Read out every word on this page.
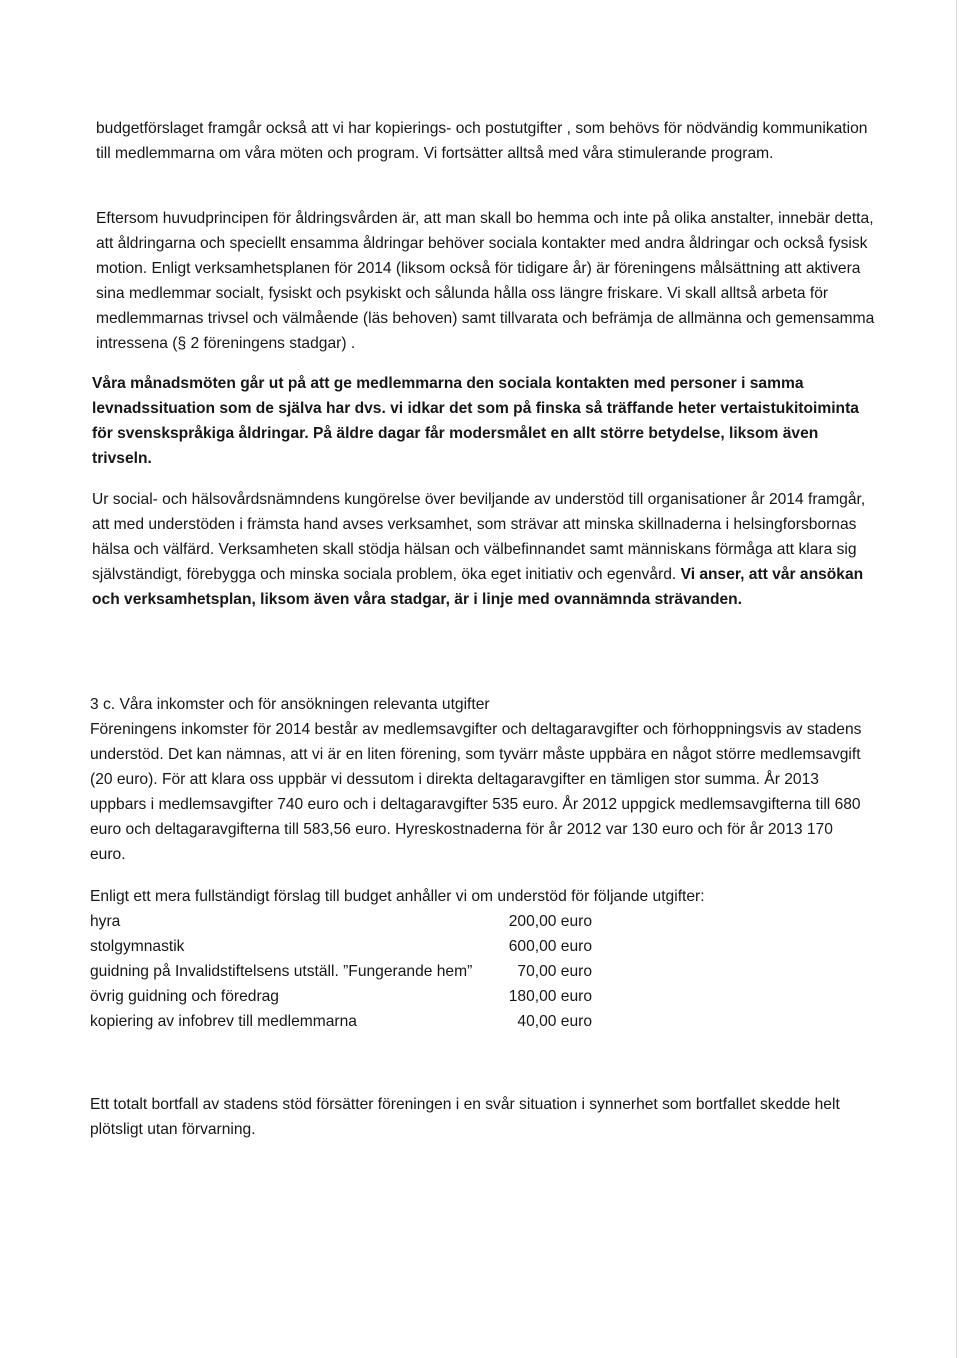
budgetförslaget framgår också att vi har kopierings- och postutgifter , som behövs för nödvändig kommunikation till medlemmarna om våra möten och program. Vi fortsätter alltså med våra stimulerande program.

Eftersom huvudprincipen för åldringsvården är, att man skall bo hemma och inte på olika anstalter, innebär detta, att åldringarna och speciellt ensamma åldringar behöver sociala kontakter med andra åldringar och också fysisk motion. Enligt verksamhetsplanen för 2014 (liksom också för tidigare år) är föreningens målsättning att aktivera sina medlemmar socialt, fysiskt och psykiskt och sålunda hålla oss längre friskare. Vi skall alltså arbeta för medlemmarnas trivsel och välmående (läs behoven) samt tillvarata och befrämja de allmänna och gemensamma intressena (§ 2 föreningens stadgar) .

Våra månadsmöten går ut på att ge medlemmarna den sociala kontakten med personer i samma levnadssituation som de själva har dvs. vi idkar det som på finska så träffande heter vertaistukitoiminta för svenskspråkiga åldringar. På äldre dagar får modersmålet en allt större betydelse, liksom även trivseln.

Ur social- och hälsovårdsnämndens kungörelse över beviljande av understöd till organisationer år 2014 framgår, att med understöden i främsta hand avses verksamhet, som strävar att minska skillnaderna i helsingforsbornas hälsa och välfärd. Verksamheten skall stödja hälsan och välbefinnandet samt människans förmåga att klara sig självständigt, förebygga och minska sociala problem, öka eget initiativ och egenvård. Vi anser, att vår ansökan och verksamhetsplan, liksom även våra stadgar, är i linje med ovannämnda strävanden.

3 c. Våra inkomster och för ansökningen relevanta utgifter
Föreningens inkomster för 2014 består av medlemsavgifter och deltagaravgifter och förhoppningsvis av stadens understöd. Det kan nämnas, att vi är en liten förening, som tyvärr måste uppbära en något större medlemsavgift (20 euro). För att klara oss uppbär vi dessutom i direkta deltagaravgifter en tämligen stor summa. År 2013 uppbars i medlemsavgifter 740 euro och i deltagaravgifter 535 euro. År 2012 uppgick medlemsavgifterna till 680 euro och deltagaravgifterna till 583,56 euro. Hyreskostnaderna för år 2012 var 130 euro och för år 2013 170 euro.

Enligt ett mera fullständigt förslag till budget anhåller vi om understöd för följande utgifter:

hyra	200,00 euro
stolgymnastik	600,00 euro
guidning på Invalidstiftelsens utställ. ”Fungerande hem”	70,00 euro
övrig guidning och föredrag	180,00 euro
kopiering av infobrev till medlemmarna	40,00 euro

Ett totalt bortfall av stadens stöd försätter föreningen i en svår situation i synnerhet som bortfallet skedde helt plötsligt utan förvarning.
